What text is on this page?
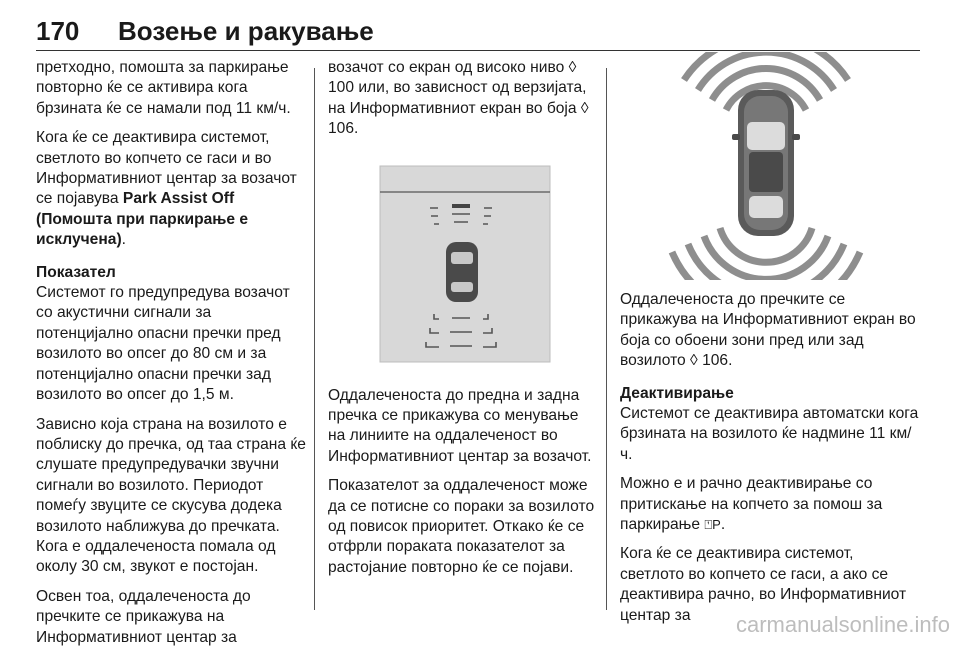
170 Возење и ракување

претходно, помошта за паркирање повторно ќе се активира кога брзината ќе се намали под 11 км/ч.

Кога ќе се деактивира системот, светлото во копчето се гаси и во Информативниот центар за возачот се појавува Park Assist Off (Помошта при паркирање е исклучена).

Показател

Системот го предупредува возачот со акустични сигнали за потенцијално опасни пречки пред возилото во опсег до 80 см и за потенцијално опасни пречки зад возилото во опсег до 1,5 м.

Зависно која страна на возилото е поблиску до пречка, од таа страна ќе слушате предупредувачки звучни сигнали во возилото. Периодот помеѓу звуците се скусува додека возилото наближува до пречката. Кога е оддалеченоста помала од околу 30 см, звукот е постојан.

Освен тоа, оддалеченоста до пречките се прикажува на Информативниот центар за

возачот со екран од високо ниво ◊ 100 или, во зависност од верзијата, на Информативниот екран во боја ◊ 106.

Оддалеченоста до предна и задна пречка се прикажува со менување на линиите на оддалеченост во Информативниот центар за возачот.

Показателот за оддалеченост може да се потисне со пораки за возилото од повисок приоритет. Откако ќе се отфрли пораката показателот за растојание повторно ќе се појави.

Оддалеченоста до пречките се прикажува на Информативниот екран во боја со обоени зони пред или зад возилото ◊ 106.

Деактивирање

Системот се деактивира автоматски кога брзината на возилото ќе надмине 11 км/ч.

Можно е и рачно деактивирање со притискање на копчето за помош за паркирање ⍞P.

Кога ќе се деактивира системот, светлото во копчето се гаси, а ако се деактивира рачно, во Информативниот центар за	carmanualsonline.info
